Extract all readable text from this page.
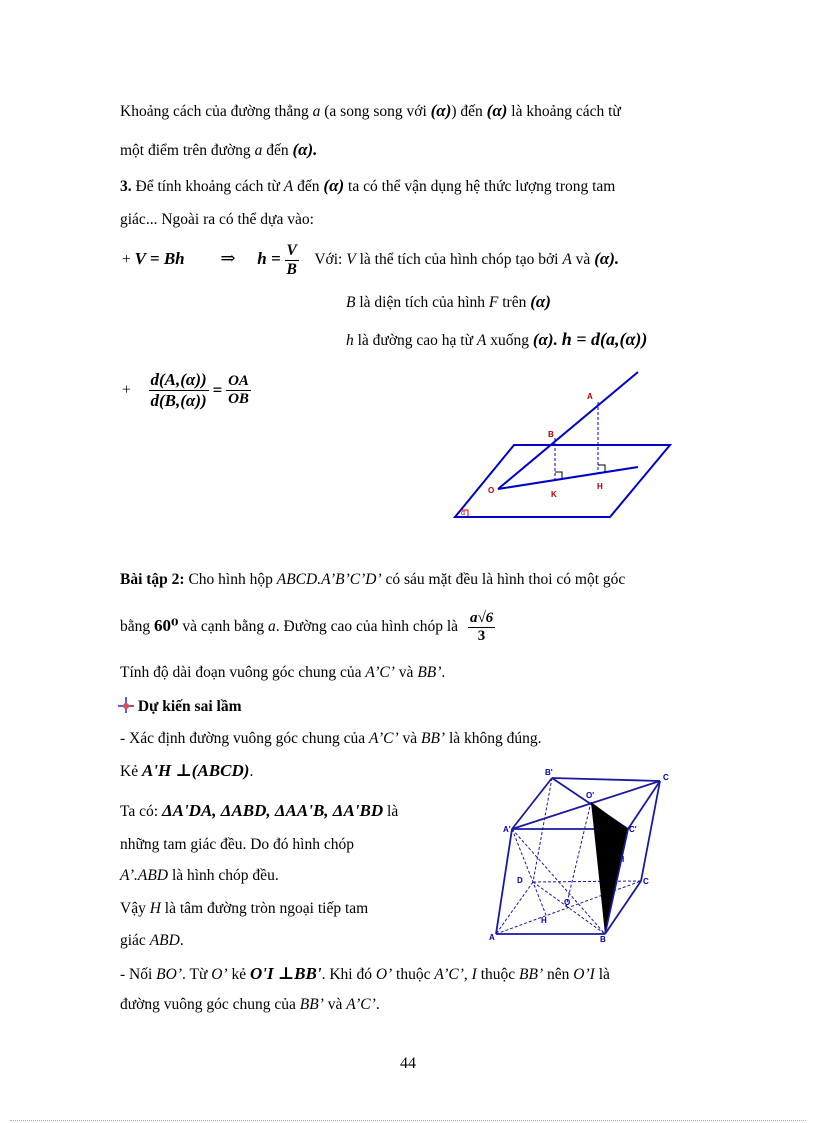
Khoảng cách của đường thẳng a (a song song với (α)) đến (α) là khoảng cách từ
một điểm trên đường a đến (α).
3. Để tính khoảng cách từ A đến (α) ta có thể vận dụng hệ thức lượng trong tam
giác... Ngoài ra có thể dựa vào:
+ V = Bh ⇒ $h = \frac{V}{B}$ Với: V là thể tích của hình chóp tạo bởi A và (α).
B là diện tích của hình F trên (α)
h là đường cao hạ từ A xuống (α). h = d(a,(α))
+ $\frac{d(A,(\alpha))}{d(B,(\alpha))} = \frac{OA}{OB}$	A
B
O	K
H
α
Bài tập 2: Cho hình hộp ABCD.A’B’C’D’ có sáu mặt đều là hình thoi có một góc
bằng 60⁰ và cạnh bằng a. Đường cao của hình chóp là $\frac{a√6}{3}$
Tính độ dài đoạn vuông góc chung của A’C’ và BB’.
Dự kiến sai lầm
- Xác định đường vuông góc chung của A’C’ và BB’ là không đúng.
Kẻ A'H ⊥(ABCD).
Ta có: ΔA'DA, ΔABD, ΔAA'B, ΔA'BD là
những tam giác đều. Do đó hình chóp
A’.ABD là hình chóp đều.
Vậy H là tâm đường tròn ngoại tiếp tam
giác ABD.
B'
C
O'
A'	C'
I
D	C
O
H
A	B
- Nối BO’. Từ O’ kẻ O'I ⊥BB'. Khi đó O’ thuộc A’C’, I thuộc BB’ nên O’I là
đường vuông góc chung của BB’ và A’C’.
44
